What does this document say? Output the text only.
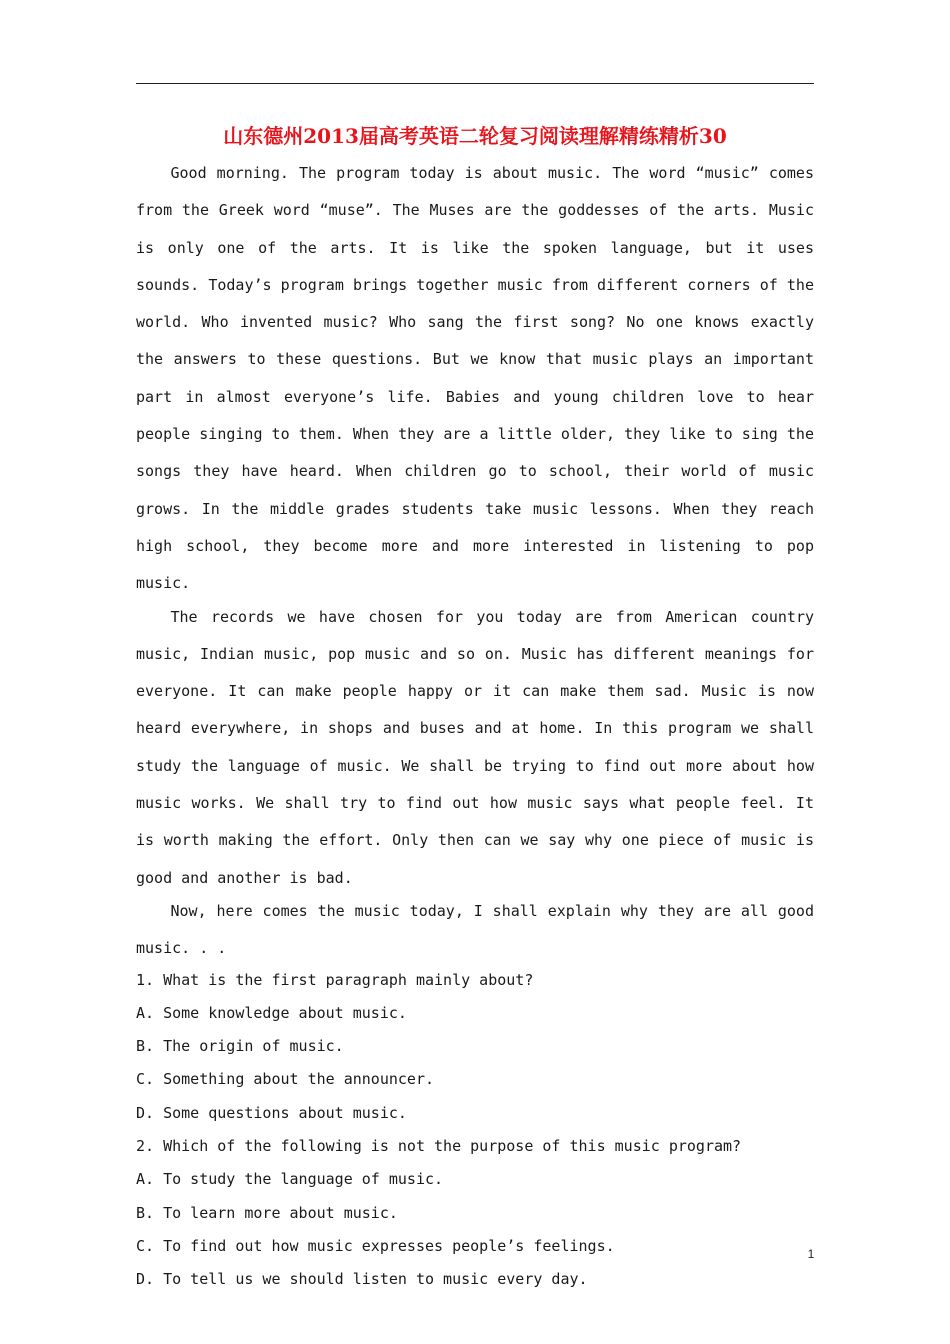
山东德州2013届高考英语二轮复习阅读理解精练精析30

Good morning. The program today is about music. The word “music” comes from the Greek word “muse”. The Muses are the goddesses of the arts. Music is only one of the arts. It is like the spoken language, but it uses sounds. Today’s program brings together music from different corners of the world. Who invented music? Who sang the first song? No one knows exactly the answers to these questions. But we know that music plays an important part in almost everyone’s life. Babies and young children love to hear people singing to them. When they are a little older, they like to sing the songs they have heard. When children go to school, their world of music grows. In the middle grades students take music lessons. When they reach high school, they become more and more interested in listening to pop music.

The records we have chosen for you today are from American country music, Indian music, pop music and so on. Music has different meanings for everyone. It can make people happy or it can make them sad. Music is now heard everywhere, in shops and buses and at home. In this program we shall study the language of music. We shall be trying to find out more about how music works. We shall try to find out how music says what people feel. It is worth making the effort. Only then can we say why one piece of music is good and another is bad.

Now, here comes the music today, I shall explain why they are all good music. . .

1. What is the first paragraph mainly about?

A. Some knowledge about music.

B. The origin of music.

C. Something about the announcer.

D. Some questions about music.

2. Which of the following is not the purpose of this music program?

A. To study the language of music.

B. To learn more about music.

C. To find out how music expresses people’s feelings.

D. To tell us we should listen to music every day.

1
